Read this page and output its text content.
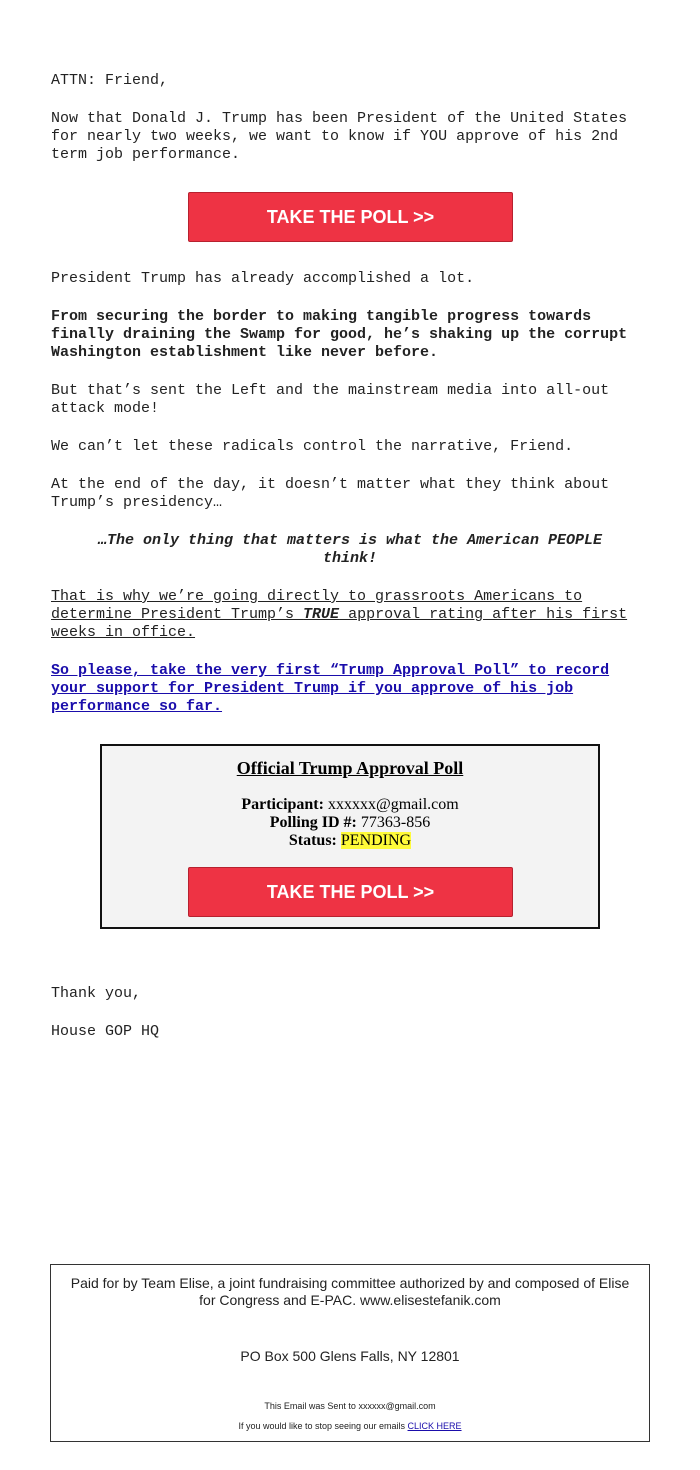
ATTN: Friend,

Now that Donald J. Trump has been President of the United States for nearly two weeks, we want to know if YOU approve of his 2nd term job performance.

TAKE THE POLL >>

President Trump has already accomplished a lot.

From securing the border to making tangible progress towards finally draining the Swamp for good, he’s shaking up the corrupt Washington establishment like never before.

But that’s sent the Left and the mainstream media into all-out attack mode!

We can’t let these radicals control the narrative, Friend.

At the end of the day, it doesn’t matter what they think about Trump’s presidency…

…The only thing that matters is what the American PEOPLE think!

That is why we’re going directly to grassroots Americans to determine President Trump’s TRUE approval rating after his first weeks in office.

So please, take the very first “Trump Approval Poll” to record your support for President Trump if you approve of his job performance so far.

Official Trump Approval Poll
Participant: xxxxxx@gmail.com
Polling ID #: 77363-856
Status: PENDING
TAKE THE POLL >>

Thank you,

House GOP HQ

Paid for by Team Elise, a joint fundraising committee authorized by and composed of Elise for Congress and E-PAC. www.elisestefanik.com
PO Box 500 Glens Falls, NY 12801
This Email was Sent to xxxxxx@gmail.com
If you would like to stop seeing our emails CLICK HERE
